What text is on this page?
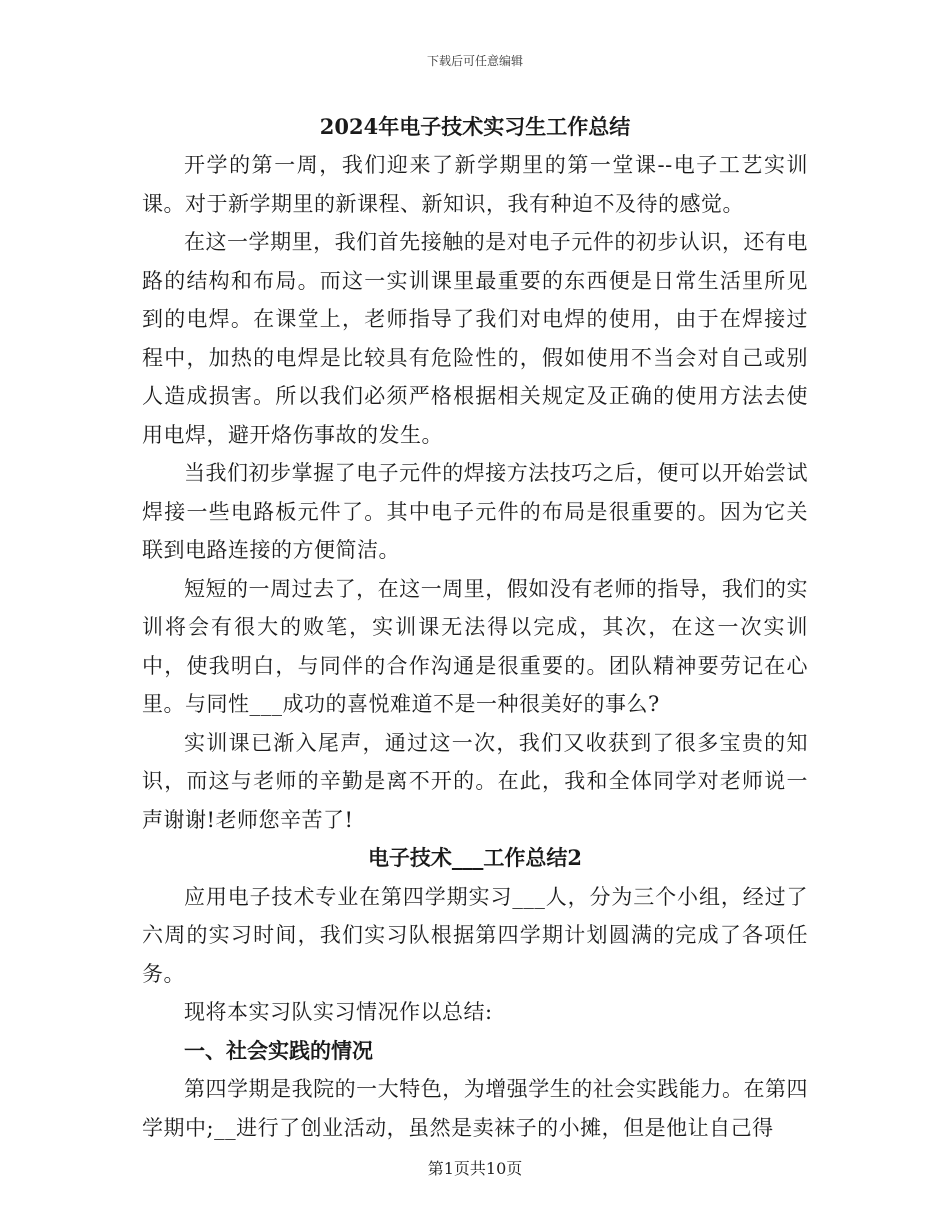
下载后可任意编辑
2024年电子技术实习生工作总结

开学的第一周，我们迎来了新学期里的第一堂课--电子工艺实训课。对于新学期里的新课程、新知识，我有种迫不及待的感觉。

在这一学期里，我们首先接触的是对电子元件的初步认识，还有电路的结构和布局。而这一实训课里最重要的东西便是日常生活里所见到的电焊。在课堂上，老师指导了我们对电焊的使用，由于在焊接过程中，加热的电焊是比较具有危险性的，假如使用不当会对自己或别人造成损害。所以我们必须严格根据相关规定及正确的使用方法去使用电焊，避开烙伤事故的发生。

当我们初步掌握了电子元件的焊接方法技巧之后，便可以开始尝试焊接一些电路板元件了。其中电子元件的布局是很重要的。因为它关联到电路连接的方便简洁。

短短的一周过去了，在这一周里，假如没有老师的指导，我们的实训将会有很大的败笔，实训课无法得以完成，其次，在这一次实训中，使我明白，与同伴的合作沟通是很重要的。团队精神要劳记在心里。与同性___成功的喜悦难道不是一种很美好的事么?

实训课已渐入尾声，通过这一次，我们又收获到了很多宝贵的知识，而这与老师的辛勤是离不开的。在此，我和全体同学对老师说一声谢谢!老师您辛苦了!

电子技术___工作总结2

应用电子技术专业在第四学期实习___人，分为三个小组，经过了六周的实习时间，我们实习队根据第四学期计划圆满的完成了各项任务。

现将本实习队实习情况作以总结:

一、社会实践的情况

第四学期是我院的一大特色，为增强学生的社会实践能力。在第四学期中;__进行了创业活动，虽然是卖袜子的小摊，但是他让自己得

第1页共10页
